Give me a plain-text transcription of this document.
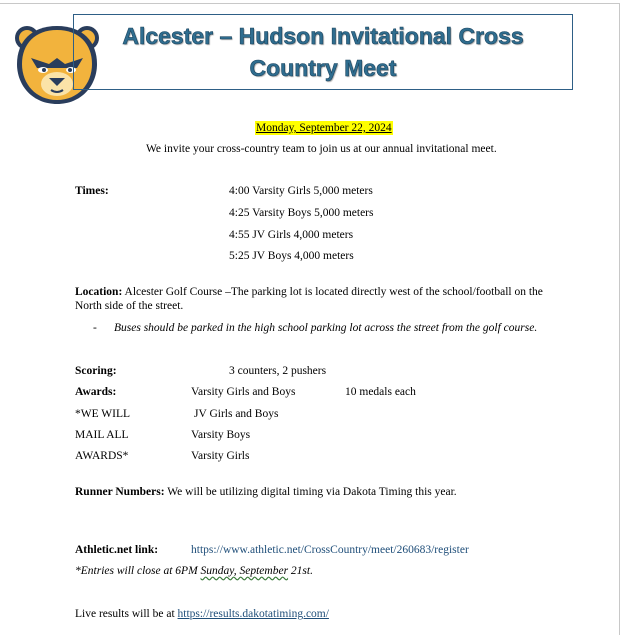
Alcester – Hudson Invitational Cross
Country Meet
Monday, September 22, 2024
We invite your cross-country team to join us at our annual invitational meet.
Times:	4:00 Varsity Girls 5,000 meters
4:25 Varsity Boys 5,000 meters
4:55 JV Girls 4,000 meters
5:25 JV Boys 4,000 meters
Location: Alcester Golf Course –The parking lot is located directly west of the school/football on the
North side of the street.
- Buses should be parked in the high school parking lot across the street from the golf course.
Scoring:	3 counters, 2 pushers
Awards:	Varsity Girls and Boys	10 medals each
*WE WILL	JV Girls and Boys
MAIL ALL	Varsity Boys
AWARDS*	Varsity Girls
Runner Numbers: We will be utilizing digital timing via Dakota Timing this year.
Athletic.net link:	https://www.athletic.net/CrossCountry/meet/260683/register
*Entries will close at 6PM Sunday, September 21st.
Live results will be at https://results.dakotatiming.com/
